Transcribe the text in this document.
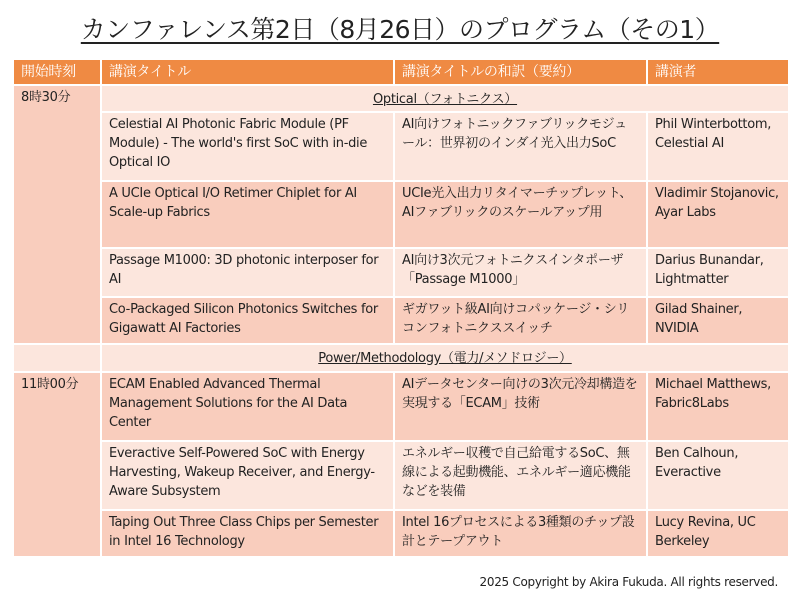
カンファレンス第2日（8月26日）のプログラム（その1）
開始時刻	講演タイトル	講演タイトルの和訳（要約）	講演者
8時30分	Optical（フォトニクス）		
	Celestial AI Photonic Fabric Module (PF Module) - The world's first SoC with in-die Optical IO	AI向けフォトニックファブリックモジュール：世界初のインダイ光入出力SoC	Phil Winterbottom, Celestial AI
	A UCIe Optical I/O Retimer Chiplet for AI Scale-up Fabrics	UCIe光入出力リタイマーチップレット、AIファブリックのスケールアップ用	Vladimir Stojanovic, Ayar Labs
	Passage M1000: 3D photonic interposer for AI	AI向け3次元フォトニクスインタポーザ「Passage M1000」	Darius Bunandar, Lightmatter
	Co-Packaged Silicon Photonics Switches for Gigawatt AI Factories	ギガワット級AI向けコパッケージ・シリコンフォトニクススイッチ	Gilad Shainer, NVIDIA
	Power/Methodology（電力/メソドロジー）		
11時00分	ECAM Enabled Advanced Thermal Management Solutions for the AI Data Center	AIデータセンター向けの3次元冷却構造を実現する「ECAM」技術	Michael Matthews, Fabric8Labs
	Everactive Self-Powered SoC with Energy Harvesting, Wakeup Receiver, and Energy-Aware Subsystem	エネルギー収穫で自己給電するSoC、無線による起動機能、エネルギー適応機能などを装備	Ben Calhoun, Everactive
	Taping Out Three Class Chips per Semester in Intel 16 Technology	Intel 16プロセスによる3種類のチップ設計とテープアウト	Lucy Revina, UC Berkeley
2025 Copyright by Akira Fukuda. All rights reserved.
